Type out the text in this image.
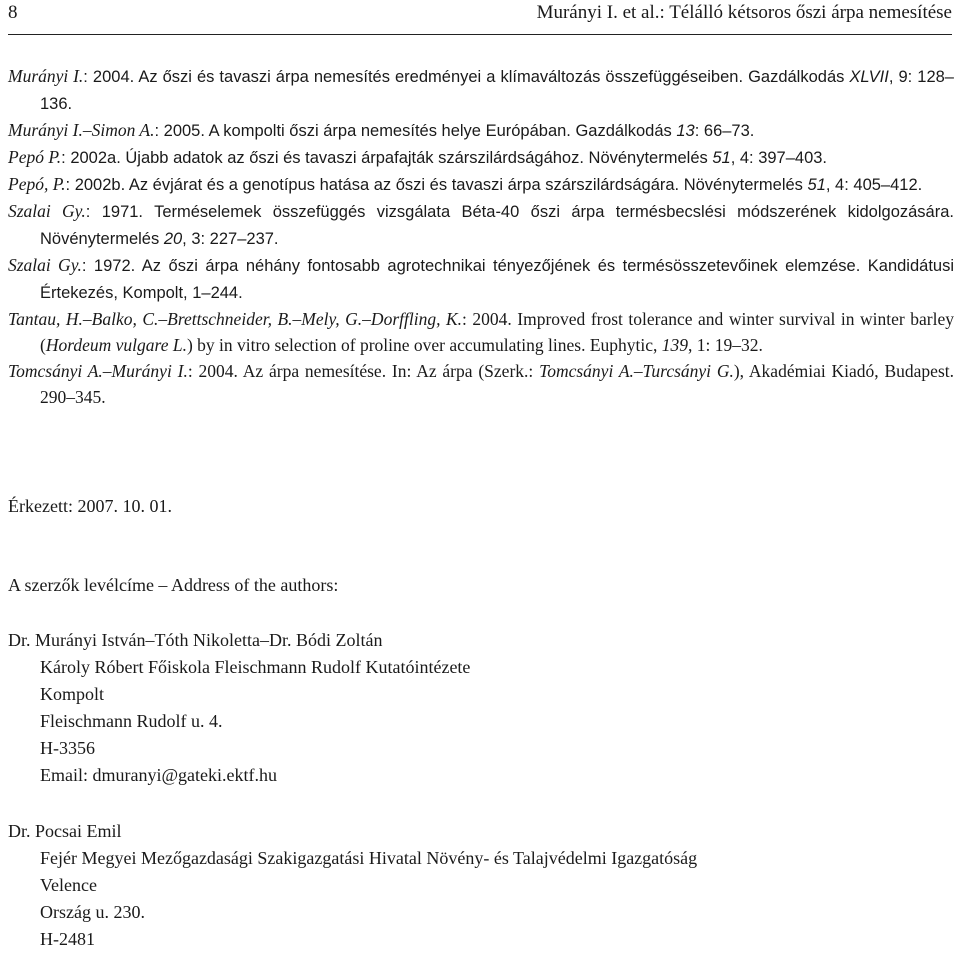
8	Murányi I. et al.: Télálló kétsoros őszi árpa nemesítése

Murányi I.: 2004. Az őszi és tavaszi árpa nemesítés eredményei a klímaváltozás összefüggéseiben. Gazdálkodás XLVII, 9: 128–136.

Murányi I.–Simon A.: 2005. A kompolti őszi árpa nemesítés helye Európában. Gazdálkodás 13: 66–73.

Pepó P.: 2002a. Újabb adatok az őszi és tavaszi árpafajták szárszilárdságához. Növénytermelés 51, 4: 397–403.

Pepó, P.: 2002b. Az évjárat és a genotípus hatása az őszi és tavaszi árpa szárszilárdságára. Növénytermelés 51, 4: 405–412.

Szalai Gy.: 1971. Terméselemek összefüggés vizsgálata Béta-40 őszi árpa termésbecslési módszerének kidolgozására. Növénytermelés 20, 3: 227–237.

Szalai Gy.: 1972. Az őszi árpa néhány fontosabb agrotechnikai tényezőjének és termésösszetevőinek elemzése. Kandidátusi Értekezés, Kompolt, 1–244.

Tantau, H.–Balko, C.–Brettschneider, B.–Mely, G.–Dorffling, K.: 2004. Improved frost tolerance and winter survival in winter barley (Hordeum vulgare L.) by in vitro selection of proline over accumulating lines. Euphytic, 139, 1: 19–32.

Tomcsányi A.–Murányi I.: 2004. Az árpa nemesítése. In: Az árpa (Szerk.: Tomcsányi A.–Turcsányi G.), Akadémiai Kiadó, Budapest. 290–345.

Érkezett: 2007. 10. 01.
A szerzők levélcíme – Address of the authors:
Dr. Murányi István–Tóth Nikoletta–Dr. Bódi Zoltán
Károly Róbert Főiskola Fleischmann Rudolf Kutatóintézete
Kompolt
Fleischmann Rudolf u. 4.
H-3356
Email: dmuranyi@gateki.ektf.hu
Dr. Pocsai Emil
Fejér Megyei Mezőgazdasági Szakigazgatási Hivatal Növény- és Talajvédelmi Igazgatóság
Velence
Ország u. 230.
H-2481
